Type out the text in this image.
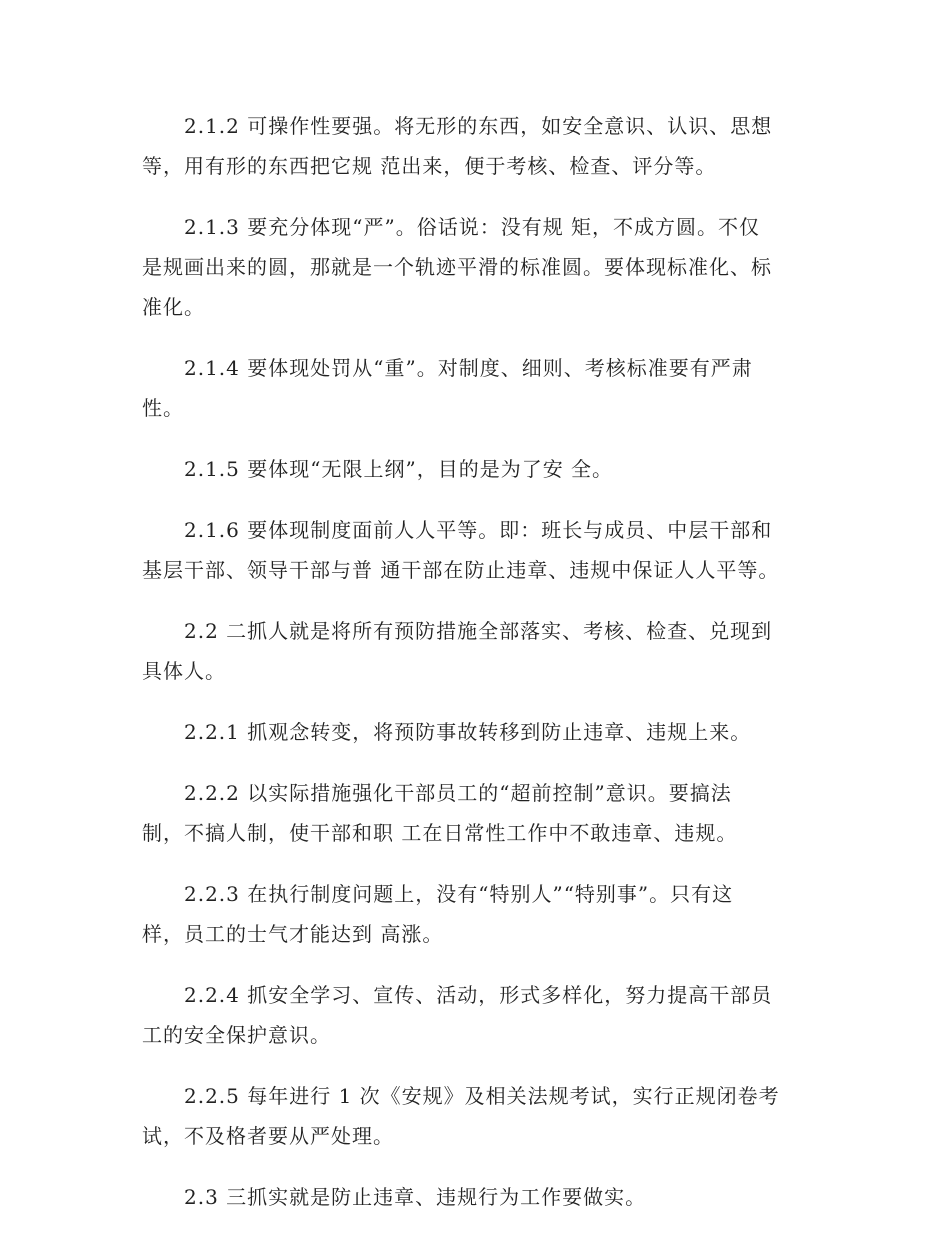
2.1.2 可操作性要强。将无形的东西，如安全意识、认识、思想
等，用有形的东西把它规 范出来，便于考核、检查、评分等。

2.1.3 要充分体现“严”。俗话说：没有规 矩，不成方圆。不仅
是规画出来的圆，那就是一个轨迹平滑的标准圆。要体现标准化、标
准化。

2.1.4 要体现处罚从“重”。对制度、细则、考核标准要有严肃
性。

2.1.5 要体现“无限上纲”，目的是为了安 全。

2.1.6 要体现制度面前人人平等。即：班长与成员、中层干部和
基层干部、领导干部与普 通干部在防止违章、违规中保证人人平等。

2.2 二抓人就是将所有预防措施全部落实、考核、检查、兑现到
具体人。

2.2.1 抓观念转变，将预防事故转移到防止违章、违规上来。

2.2.2 以实际措施强化干部员工的“超前控制”意识。要搞法
制，不搞人制，使干部和职 工在日常性工作中不敢违章、违规。

2.2.3 在执行制度问题上，没有“特别人”“特别事”。只有这
样，员工的士气才能达到 高涨。

2.2.4 抓安全学习、宣传、活动，形式多样化，努力提高干部员
工的安全保护意识。

2.2.5 每年进行 1 次《安规》及相关法规考试，实行正规闭卷考
试，不及格者要从严处理。

2.3 三抓实就是防止违章、违规行为工作要做实。
